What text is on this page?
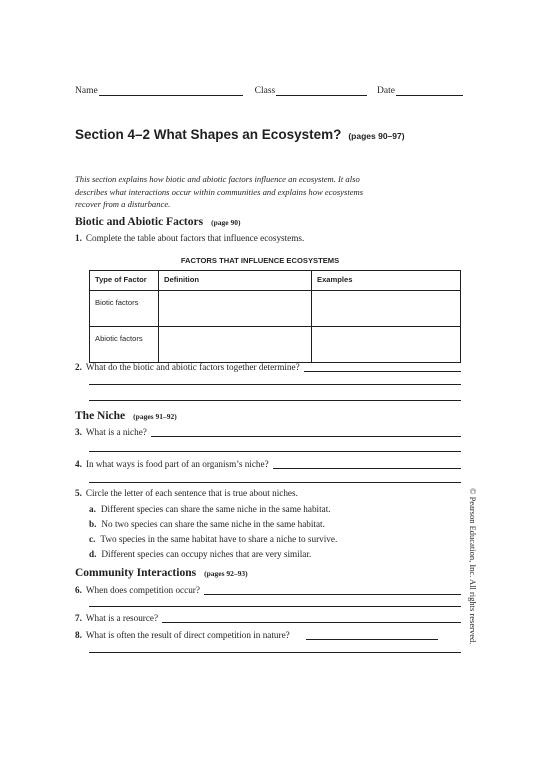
Name	Class	Date
Section 4–2 What Shapes an Ecosystem? (pages 90–97)
This section explains how biotic and abiotic factors influence an ecosystem. It also describes what interactions occur within communities and explains how ecosystems recover from a disturbance.
Biotic and Abiotic Factors (page 90)
1. Complete the table about factors that influence ecosystems.
FACTORS THAT INFLUENCE ECOSYSTEMS
Type of Factor	Definition	Examples
Biotic factors		
Abiotic factors		
2. What do the biotic and abiotic factors together determine?
The Niche (pages 91–92)
3. What is a niche?
4. In what ways is food part of an organism’s niche?
5. Circle the letter of each sentence that is true about niches.
a. Different species can share the same niche in the same habitat.
b. No two species can share the same niche in the same habitat.
c. Two species in the same habitat have to share a niche to survive.
d. Different species can occupy niches that are very similar.
Community Interactions (pages 92–93)
6. When does competition occur?
7. What is a resource?
8. What is often the result of direct competition in nature?	© Pearson Education, Inc. All rights reserved.
